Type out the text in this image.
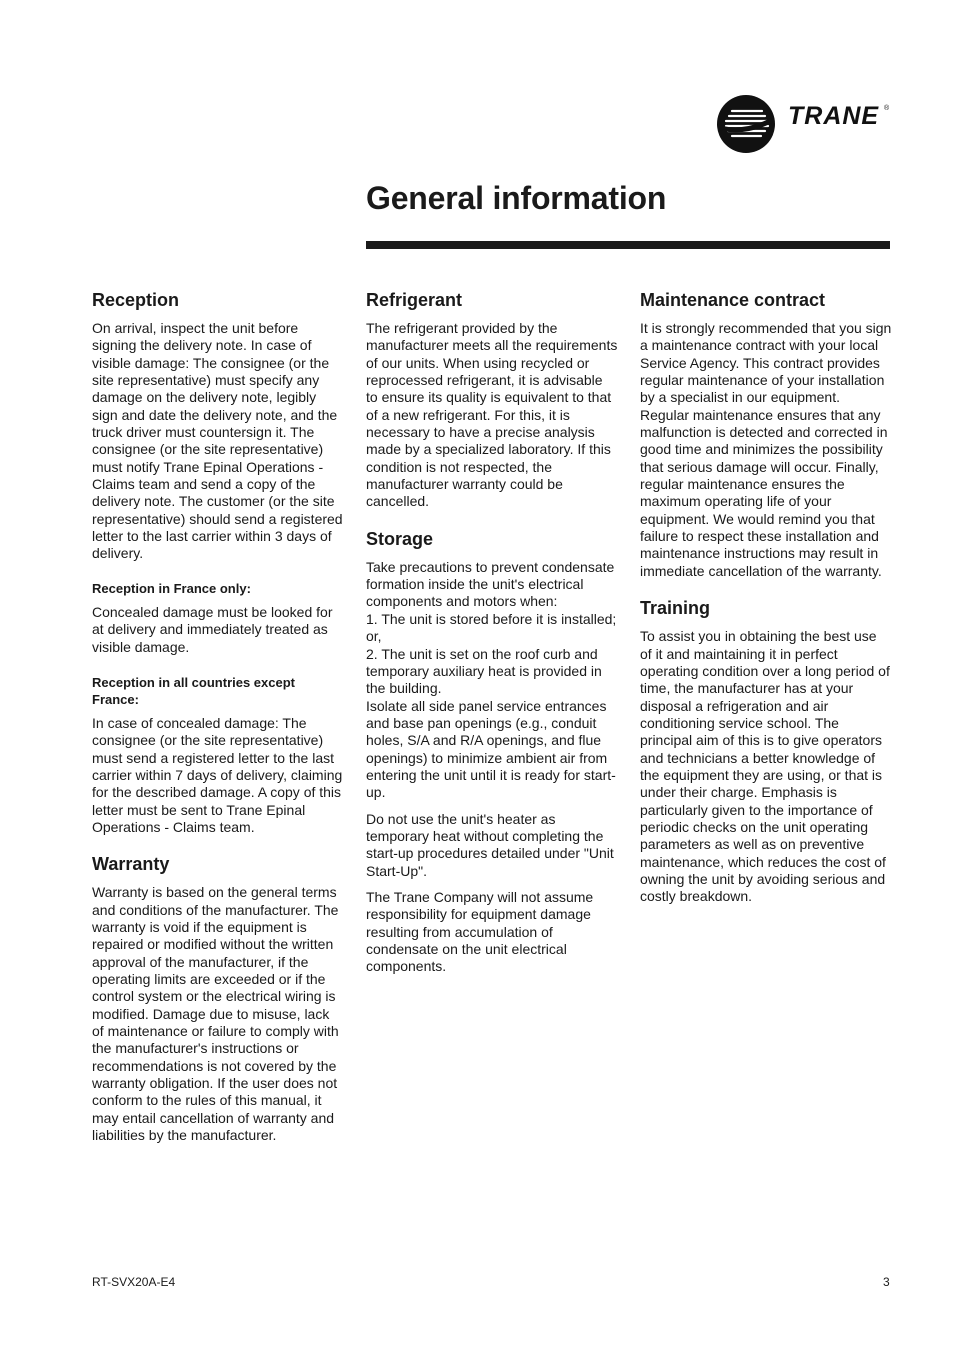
TRANE ®
General information
Reception

On arrival, inspect the unit before signing the delivery note. In case of visible damage: The consignee (or the site representative) must specify any damage on the delivery note, legibly sign and date the delivery note, and the truck driver must countersign it. The consignee (or the site representative) must notify Trane Epinal Operations - Claims team and send a copy of the delivery note. The customer (or the site representative) should send a registered letter to the last carrier within 3 days of delivery.

Reception in France only:

Concealed damage must be looked for at delivery and immediately treated as visible damage.

Reception in all countries except France:

In case of concealed damage: The consignee (or the site representative) must send a registered letter to the last carrier within 7 days of delivery, claiming for the described damage. A copy of this letter must be sent to Trane Epinal Operations - Claims team.

Warranty

Warranty is based on the general terms and conditions of the manufacturer. The warranty is void if the equipment is repaired or modified without the written approval of the manufacturer, if the operating limits are exceeded or if the control system or the electrical wiring is modified. Damage due to misuse, lack of maintenance or failure to comply with the manufacturer's instructions or recommendations is not covered by the warranty obligation. If the user does not conform to the rules of this manual, it may entail cancellation of warranty and liabilities by the manufacturer.

Refrigerant

The refrigerant provided by the manufacturer meets all the requirements of our units. When using recycled or reprocessed refrigerant, it is advisable to ensure its quality is equivalent to that of a new refrigerant. For this, it is necessary to have a precise analysis made by a specialized laboratory. If this condition is not respected, the manufacturer warranty could be cancelled.

Storage

Take precautions to prevent condensate formation inside the unit's electrical components and motors when:

1. The unit is stored before it is installed; or,

2. The unit is set on the roof curb and temporary auxiliary heat is provided in the building.

Isolate all side panel service entrances and base pan openings (e.g., conduit holes, S/A and R/A openings, and flue openings) to minimize ambient air from entering the unit until it is ready for start-up.

Do not use the unit's heater as temporary heat without completing the start-up procedures detailed under "Unit Start-Up".

The Trane Company will not assume responsibility for equipment damage resulting from accumulation of condensate on the unit electrical components.

Maintenance contract

It is strongly recommended that you sign a maintenance contract with your local Service Agency. This contract provides regular maintenance of your installation by a specialist in our equipment. Regular maintenance ensures that any malfunction is detected and corrected in good time and minimizes the possibility that serious damage will occur. Finally, regular maintenance ensures the maximum operating life of your equipment. We would remind you that failure to respect these installation and maintenance instructions may result in immediate cancellation of the warranty.

Training

To assist you in obtaining the best use of it and maintaining it in perfect operating condition over a long period of time, the manufacturer has at your disposal a refrigeration and air conditioning service school. The principal aim of this is to give operators and technicians a better knowledge of the equipment they are using, or that is under their charge. Emphasis is particularly given to the importance of periodic checks on the unit operating parameters as well as on preventive maintenance, which reduces the cost of owning the unit by avoiding serious and costly breakdown.

RT-SVX20A-E4	3
